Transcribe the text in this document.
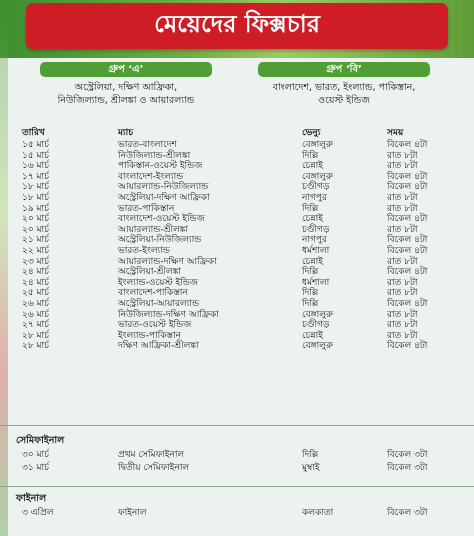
মেয়েদের ফিক্সচার
গ্রুপ ‘এ’
অস্ট্রেলিয়া, দক্ষিণ আফ্রিকা,
নিউজিল্যান্ড, শ্রীলঙ্কা ও আয়ারল্যান্ড
গ্রুপ ‘বি’
বাংলাদেশ, ভারত, ইংল্যান্ড, পাকিস্তান,
ওয়েস্ট ইন্ডিজ
তারিখ	ম্যাচ	ভেন্যু	সময়
১৫ মার্চ	ভারত-বাংলাদেশ	বেঙ্গালুরু	বিকেল ৪টা
১৫ মার্চ	নিউজিল্যান্ড-শ্রীলঙ্কা	দিল্লি	রাত ৮টা
১৬ মার্চ	পাকিস্তান-ওয়েস্ট ইন্ডিজ	চেন্নাই	রাত ৮টা
১৭ মার্চ	বাংলাদেশ-ইংল্যান্ড	বেঙ্গালুরু	বিকেল ৪টা
১৮ মার্চ	আয়ারল্যান্ড-নিউজিল্যান্ড	চণ্ডীগড়	বিকেল ৪টা
১৮ মার্চ	অস্ট্রেলিয়া-দক্ষিণ আফ্রিকা	নাগপুর	রাত ৮টা
১৯ মার্চ	ভারত-পাকিস্তান	দিল্লি	রাত ৮টা
২০ মার্চ	বাংলাদেশ-ওয়েস্ট ইন্ডিজ	চেন্নাই	বিকেল ৪টা
২০ মার্চ	আয়ারল্যান্ড-শ্রীলঙ্কা	চণ্ডীগড়	রাত ৮টা
২১ মার্চ	অস্ট্রেলিয়া-নিউজিল্যান্ড	নাগপুর	বিকেল ৪টা
২২ মার্চ	ভারত-ইংল্যান্ড	ধর্মশালা	বিকেল ৪টা
২৩ মার্চ	আয়ারল্যান্ড-দক্ষিণ আফ্রিকা	চেন্নাই	রাত ৮টা
২৪ মার্চ	অস্ট্রেলিয়া-শ্রীলঙ্কা	দিল্লি	বিকেল ৪টা
২৪ মার্চ	ইংল্যান্ড-ওয়েস্ট ইন্ডিজ	ধর্মশালা	রাত ৮টা
২৫ মার্চ	বাংলাদেশ-পাকিস্তান	দিল্লি	রাত ৮টা
২৬ মার্চ	অস্ট্রেলিয়া-আয়ারল্যান্ড	দিল্লি	বিকেল ৪টা
২৬ মার্চ	নিউজিল্যান্ড-দক্ষিণ আফ্রিকা	বেঙ্গালুরু	রাত ৮টা
২৭ মার্চ	ভারত-ওয়েস্ট ইন্ডিজ	চণ্ডীগড়	রাত ৮টা
২৮ মার্চ	ইংল্যান্ড-পাকিস্তান	চেন্নাই	রাত ৮টা
২৮ মার্চ	দক্ষিণ আফ্রিকা-শ্রীলঙ্কা	বেঙ্গালুরু	বিকেল ৪টা
সেমিফাইনাল
৩০ মার্চ	প্রথম সেমিফাইনাল	দিল্লি	বিকেল ৩টা
৩১ মার্চ	দ্বিতীয় সেমিফাইনাল	মুম্বাই	বিকেল ৩টা
ফাইনাল
৩ এপ্রিল	ফাইনাল	কলকাতা	বিকেল ৩টা
